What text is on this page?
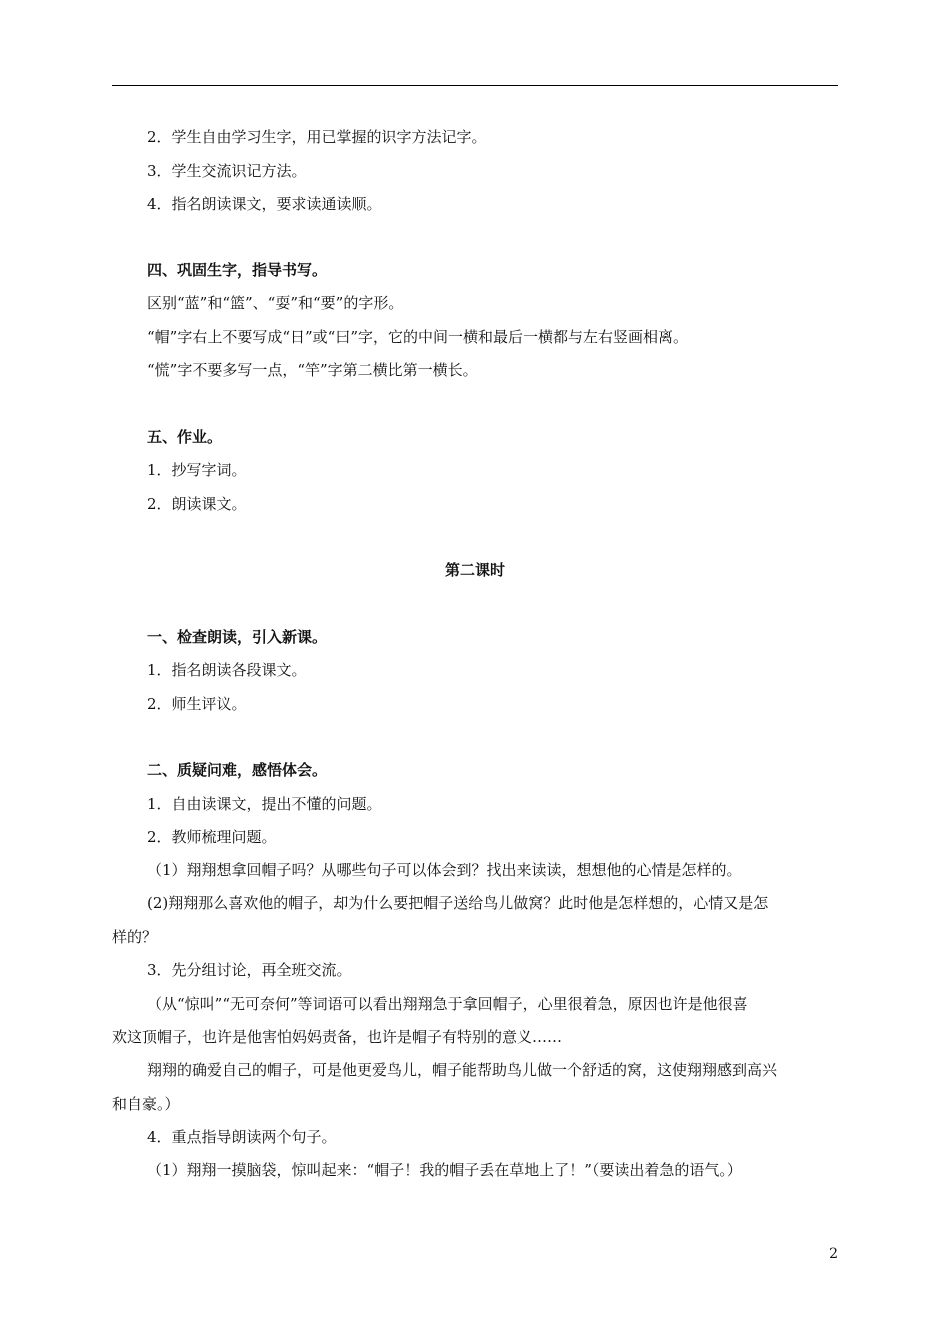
2．学生自由学习生字，用已掌握的识字方法记字。
3．学生交流识记方法。
4．指名朗读课文，要求读通读顺。
四、巩固生字，指导书写。
区别“蓝”和“篮”、“耍”和“要”的字形。
“帽”字右上不要写成“日”或“曰”字，它的中间一横和最后一横都与左右竖画相离。
“慌”字不要多写一点，“竿”字第二横比第一横长。
五、作业。
1．抄写字词。
2．朗读课文。
第二课时
一、检查朗读，引入新课。
1．指名朗读各段课文。
2．师生评议。
二、质疑问难，感悟体会。
1．自由读课文，提出不懂的问题。
2．教师梳理问题。
（1）翔翔想拿回帽子吗？从哪些句子可以体会到？找出来读读，想想他的心情是怎样的。
(2)翔翔那么喜欢他的帽子，却为什么要把帽子送给鸟儿做窝？此时他是怎样想的，心情又是怎
样的？
3．先分组讨论，再全班交流。
（从“惊叫”“无可奈何”等词语可以看出翔翔急于拿回帽子，心里很着急，原因也许是他很喜
欢这顶帽子，也许是他害怕妈妈责备，也许是帽子有特别的意义……
翔翔的确爱自己的帽子，可是他更爱鸟儿，帽子能帮助鸟儿做一个舒适的窝，这使翔翔感到高兴
和自豪。）
4．重点指导朗读两个句子。
（1）翔翔一摸脑袋，惊叫起来：“帽子！我的帽子丢在草地上了！”（要读出着急的语气。）
2
